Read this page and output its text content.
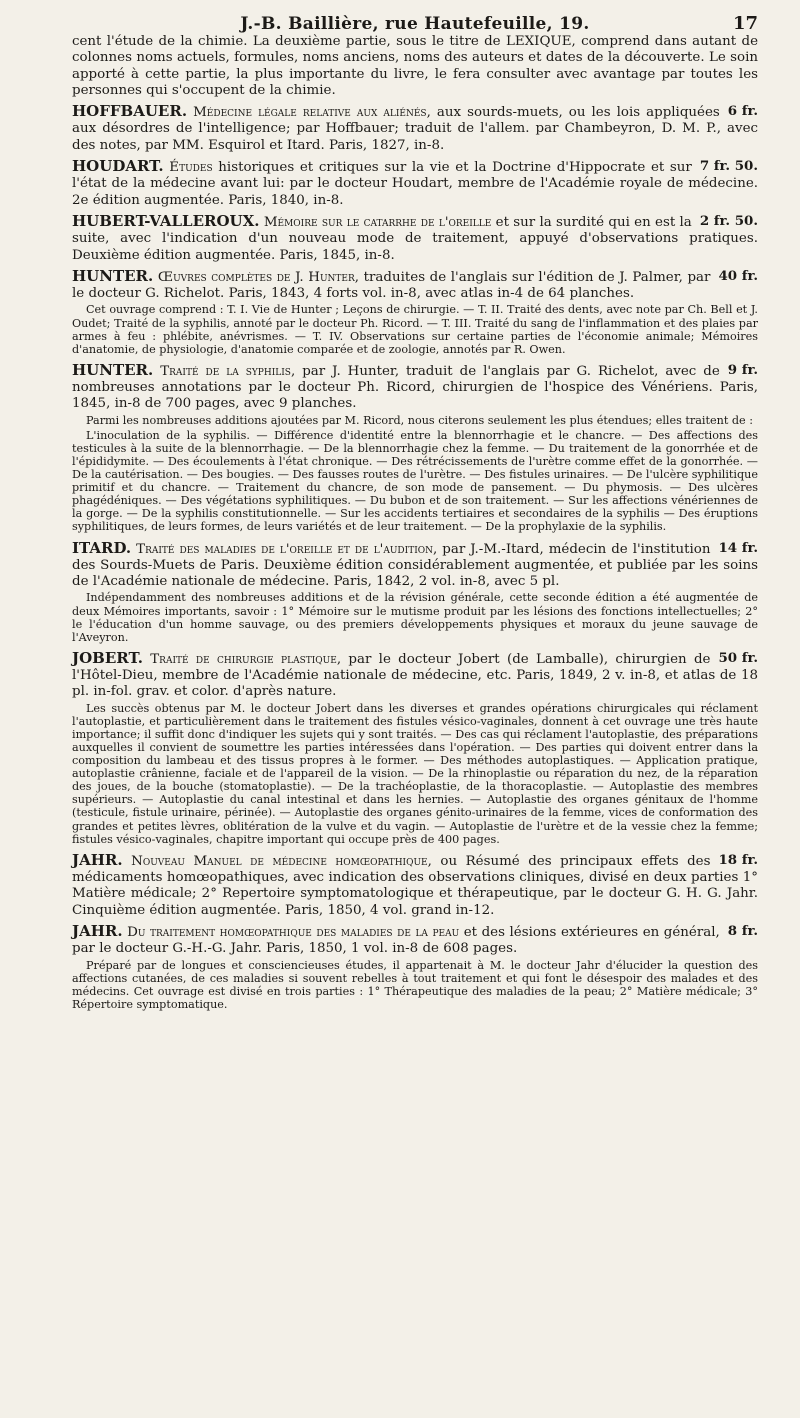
J.-B. Baillière, rue Hautefeuille, 19.	17

cent l'étude de la chimie. La deuxième partie, sous le titre de LEXIQUE, comprend dans autant de colonnes noms actuels, formules, noms anciens, noms des auteurs et dates de la découverte. Le soin apporté à cette partie, la plus importante du livre, le fera consulter avec avantage par toutes les personnes qui s'occupent de la chimie.

6 fr.
HOFFBAUER. Médecine légale relative aux aliénés, aux sourds-muets, ou les lois appliquées aux désordres de l'intelligence; par Hoffbauer; traduit de l'allem. par Chambeyron, D. M. P., avec des notes, par MM. Esquirol et Itard. Paris, 1827, in-8.

7 fr. 50.
HOUDART. Études historiques et critiques sur la vie et la Doctrine d'Hippocrate et sur l'état de la médecine avant lui: par le docteur Houdart, membre de l'Académie royale de médecine. 2e édition augmentée. Paris, 1840, in-8.

2 fr. 50.
HUBERT-VALLEROUX. Mémoire sur le catarrhe de l'oreille et sur la surdité qui en est la suite, avec l'indication d'un nouveau mode de traitement, appuyé d'observations pratiques. Deuxième édition augmentée. Paris, 1845, in-8.

40 fr.
HUNTER. Œuvres complètes de J. Hunter, traduites de l'anglais sur l'édition de J. Palmer, par le docteur G. Richelot. Paris, 1843, 4 forts vol. in-8, avec atlas in-4 de 64 planches.

Cet ouvrage comprend : T. I. Vie de Hunter ; Leçons de chirurgie. — T. II. Traité des dents, avec note par Ch. Bell et J. Oudet; Traité de la syphilis, annoté par le docteur Ph. Ricord. — T. III. Traité du sang de l'inflammation et des plaies par armes à feu : phlébite, anévrismes. — T. IV. Observations sur certaine parties de l'économie animale; Mémoires d'anatomie, de physiologie, d'anatomie comparée et de zoologie, annotés par R. Owen.

9 fr.
HUNTER. Traité de la syphilis, par J. Hunter, traduit de l'anglais par G. Richelot, avec de nombreuses annotations par le docteur Ph. Ricord, chirurgien de l'hospice des Vénériens. Paris, 1845, in-8 de 700 pages, avec 9 planches.

Parmi les nombreuses additions ajoutées par M. Ricord, nous citerons seulement les plus étendues; elles traitent de :

L'inoculation de la syphilis. — Différence d'identité entre la blennorrhagie et le chancre. — Des affections des testicules à la suite de la blennorrhagie. — De la blennorrhagie chez la femme. — Du traitement de la gonorrhée et de l'épididymite. — Des écoulements à l'état chronique. — Des rétrécissements de l'urètre comme effet de la gonorrhée. — De la cautérisation. — Des bougies. — Des fausses routes de l'urètre. — Des fistules urinaires. — De l'ulcère syphilitique primitif et du chancre. — Traitement du chancre, de son mode de pansement. — Du phymosis. — Des ulcères phagédéniques. — Des végétations syphilitiques. — Du bubon et de son traitement. — Sur les affections vénériennes de la gorge. — De la syphilis constitutionnelle. — Sur les accidents tertiaires et secondaires de la syphilis — Des éruptions syphilitiques, de leurs formes, de leurs variétés et de leur traitement. — De la prophylaxie de la syphilis.

14 fr.
ITARD. Traité des maladies de l'oreille et de l'audition, par J.-M.-Itard, médecin de l'institution des Sourds-Muets de Paris. Deuxième édition considérablement augmentée, et publiée par les soins de l'Académie nationale de médecine. Paris, 1842, 2 vol. in-8, avec 5 pl.

Indépendamment des nombreuses additions et de la révision générale, cette seconde édition a été augmentée de deux Mémoires importants, savoir : 1° Mémoire sur le mutisme produit par les lésions des fonctions intellectuelles; 2° le l'éducation d'un homme sauvage, ou des premiers développements physiques et moraux du jeune sauvage de l'Aveyron.

50 fr.
JOBERT. Traité de chirurgie plastique, par le docteur Jobert (de Lamballe), chirurgien de l'Hôtel-Dieu, membre de l'Académie nationale de médecine, etc. Paris, 1849, 2 v. in-8, et atlas de 18 pl. in-fol. grav. et color. d'après nature.

Les succès obtenus par M. le docteur Jobert dans les diverses et grandes opérations chirurgicales qui réclament l'autoplastie, et particulièrement dans le traitement des fistules vésico-vaginales, donnent à cet ouvrage une très haute importance; il suffit donc d'indiquer les sujets qui y sont traités. — Des cas qui réclament l'autoplastie, des préparations auxquelles il convient de soumettre les parties intéressées dans l'opération. — Des parties qui doivent entrer dans la composition du lambeau et des tissus propres à le former. — Des méthodes autoplastiques. — Application pratique, autoplastie crânienne, faciale et de l'appareil de la vision. — De la rhinoplastie ou réparation du nez, de la réparation des joues, de la bouche (stomatoplastie). — De la trachéoplastie, de la thoracoplastie. — Autoplastie des membres supérieurs. — Autoplastie du canal intestinal et dans les hernies. — Autoplastie des organes génitaux de l'homme (testicule, fistule urinaire, périnée). — Autoplastie des organes génito-urinaires de la femme, vices de conformation des grandes et petites lèvres, oblitération de la vulve et du vagin. — Autoplastie de l'urètre et de la vessie chez la femme; fistules vésico-vaginales, chapitre important qui occupe près de 400 pages.

18 fr.
JAHR. Nouveau Manuel de médecine homœopathique, ou Résumé des principaux effets des médicaments homœopathiques, avec indication des observations cliniques, divisé en deux parties 1° Matière médicale; 2° Repertoire symptomatologique et thérapeutique, par le docteur G. H. G. Jahr. Cinquième édition augmentée. Paris, 1850, 4 vol. grand in-12.

8 fr.
JAHR. Du traitement homœopathique des maladies de la peau et des lésions extérieures en général, par le docteur G.-H.-G. Jahr. Paris, 1850, 1 vol. in-8 de 608 pages.

Préparé par de longues et consciencieuses études, il appartenait à M. le docteur Jahr d'élucider la question des affections cutanées, de ces maladies si souvent rebelles à tout traitement et qui font le désespoir des malades et des médecins. Cet ouvrage est divisé en trois parties : 1° Thérapeutique des maladies de la peau; 2° Matière médicale; 3° Répertoire symptomatique.
